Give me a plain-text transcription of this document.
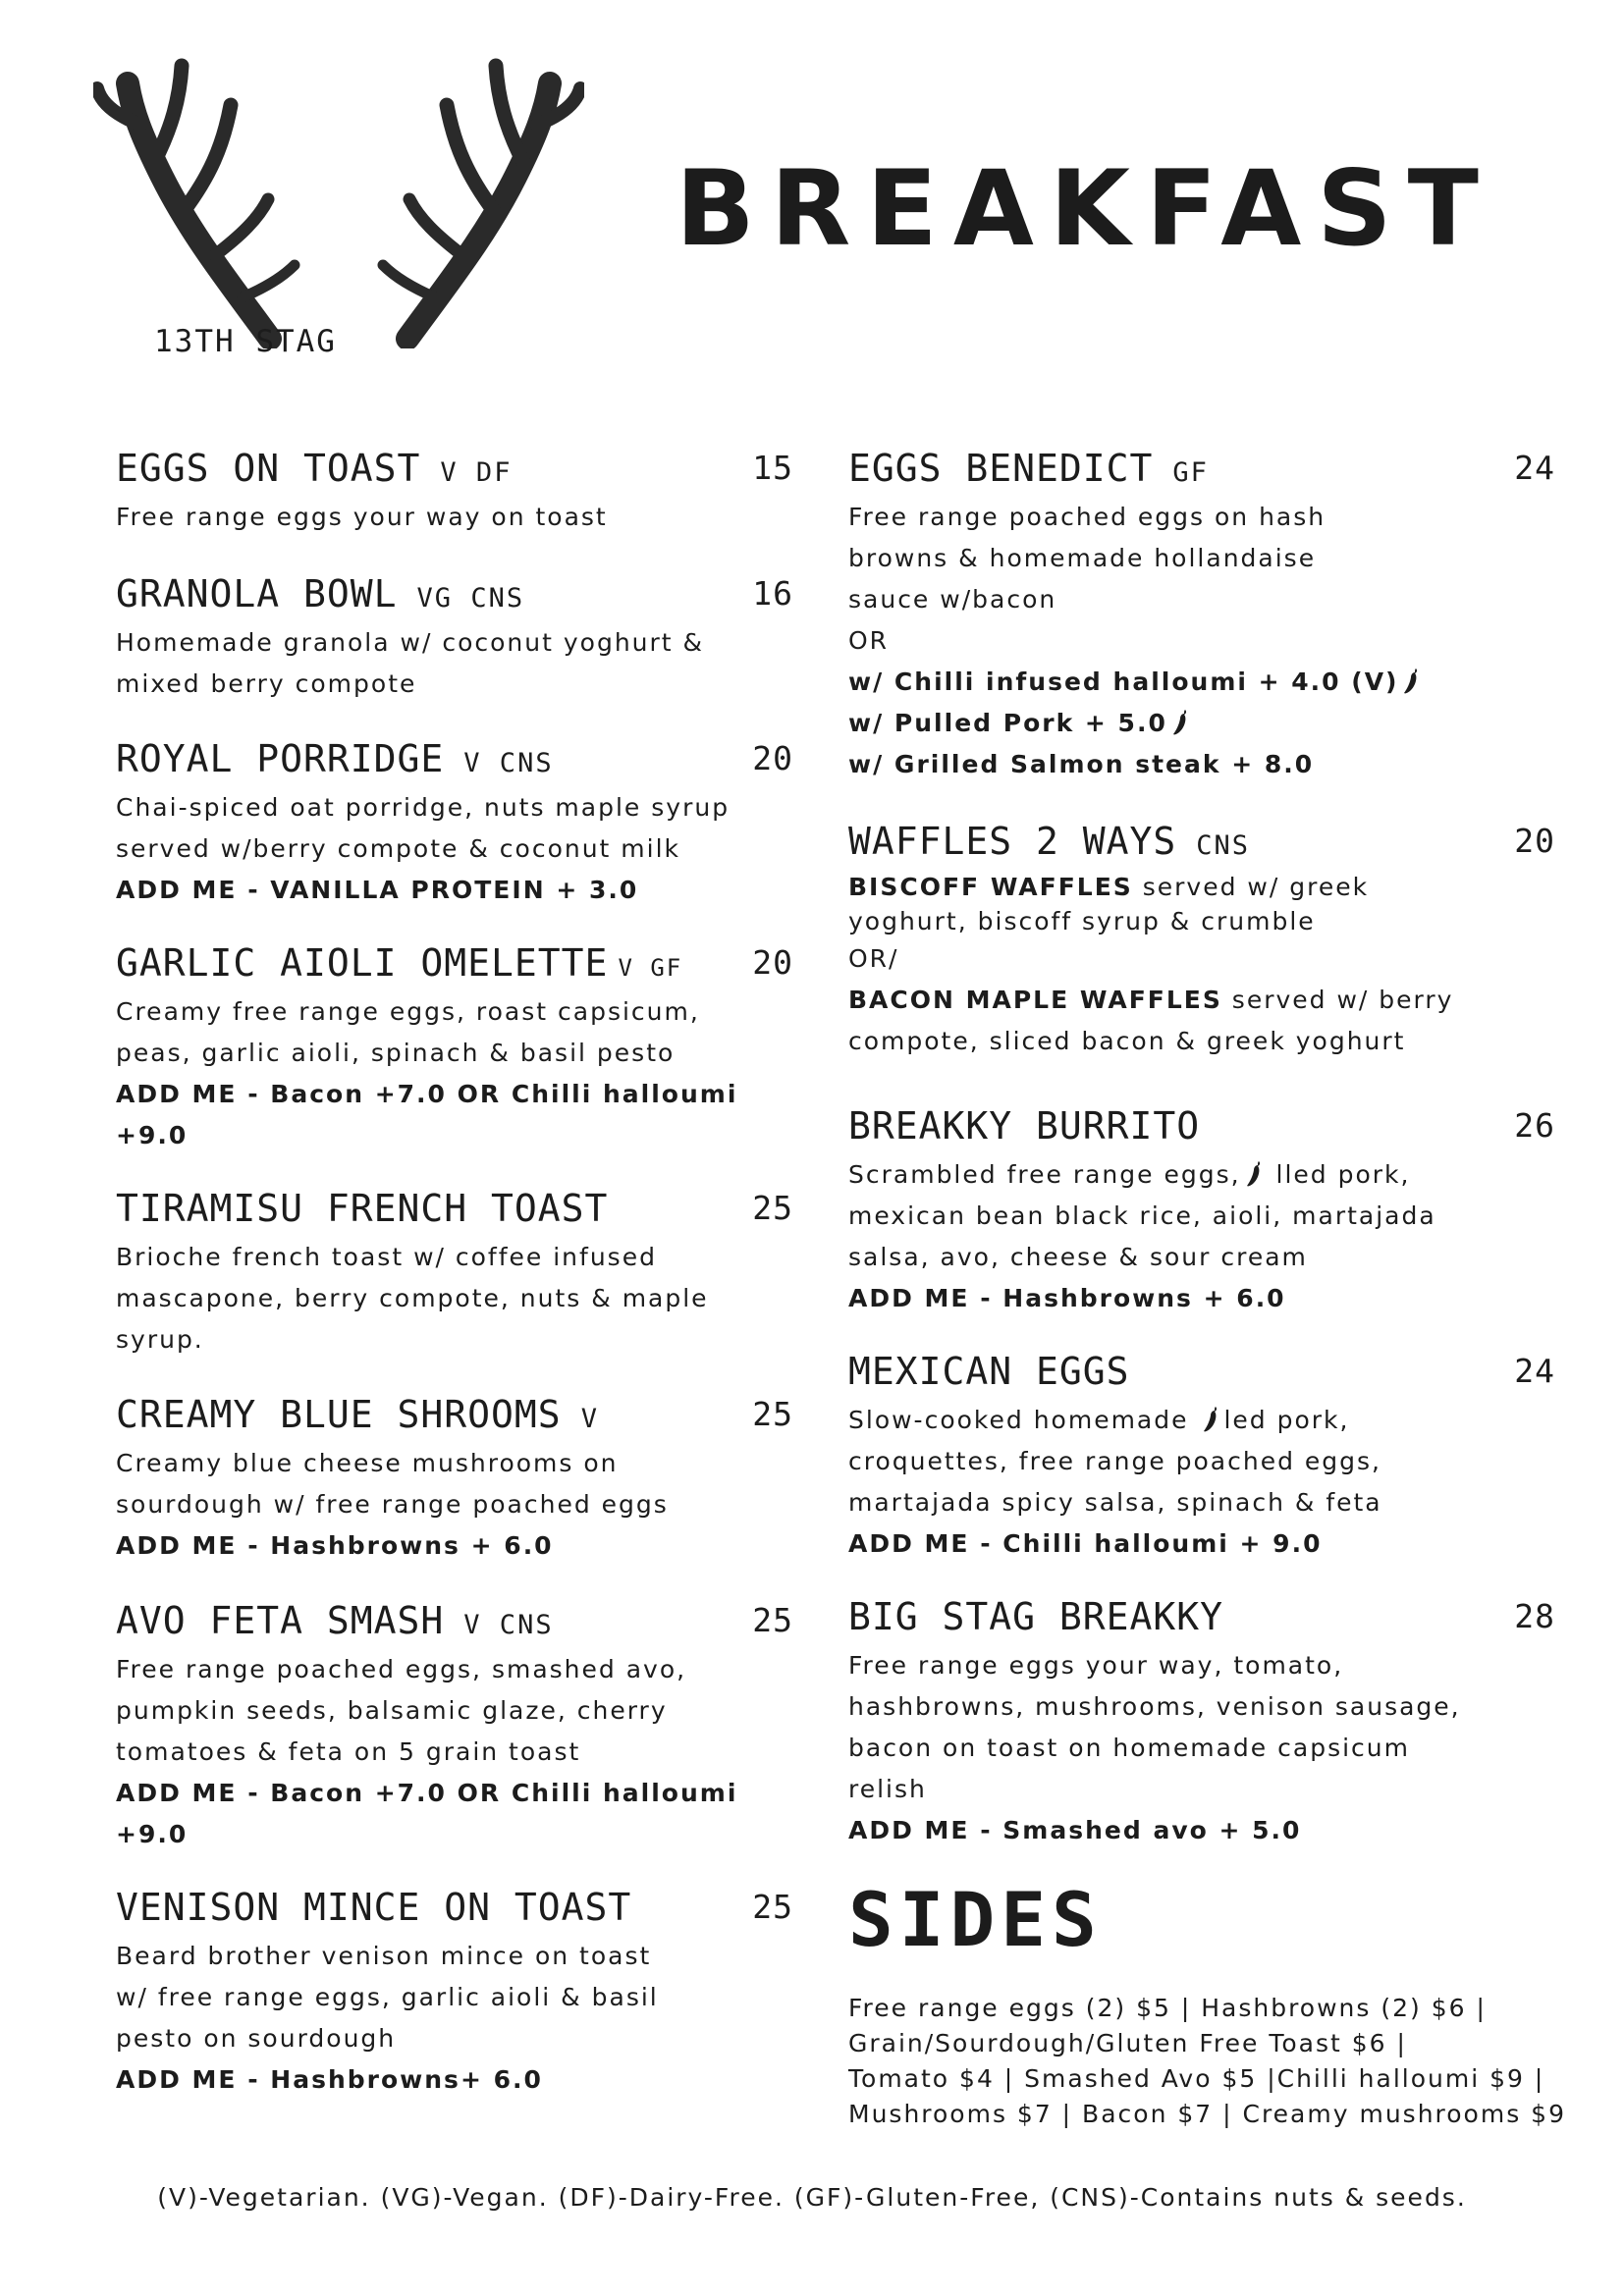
13TH STAG
BREAKFAST
EGGS ON TOAST V DF	15
Free range eggs your way on toast
GRANOLA BOWL VG CNS	16
Homemade granola w/ coconut yoghurt &
mixed berry compote
ROYAL PORRIDGE V CNS	20
Chai-spiced oat porridge, nuts maple syrup
served w/berry compote & coconut milk
ADD ME - VANILLA PROTEIN + 3.0
GARLIC AIOLI OMELETTE V GF	20
Creamy free range eggs, roast capsicum,
peas, garlic aioli, spinach & basil pesto
ADD ME - Bacon +7.0 OR Chilli halloumi
+9.0
TIRAMISU FRENCH TOAST	25
Brioche french toast w/ coffee infused
mascapone, berry compote, nuts & maple
syrup.
CREAMY BLUE SHROOMS V	25
Creamy blue cheese mushrooms on
sourdough w/ free range poached eggs
ADD ME - Hashbrowns + 6.0
AVO FETA SMASH V CNS	25
Free range poached eggs, smashed avo,
pumpkin seeds, balsamic glaze, cherry
tomatoes & feta on 5 grain toast
ADD ME - Bacon +7.0 OR Chilli halloumi
+9.0
VENISON MINCE ON TOAST	25
Beard brother venison mince on toast
w/ free range eggs, garlic aioli & basil
pesto on sourdough
ADD ME - Hashbrowns+ 6.0
EGGS BENEDICT GF	24
Free range poached eggs on hash
browns & homemade hollandaise
sauce w/bacon
OR
w/ Chilli infused halloumi + 4.0 (V)
w/ Pulled Pork + 5.0
w/ Grilled Salmon steak + 8.0
WAFFLES 2 WAYS CNS	20
BISCOFF WAFFLES served w/ greek
yoghurt, biscoff syrup & crumble
OR/
BACON MAPLE WAFFLES served w/ berry
compote, sliced bacon & greek yoghurt
BREAKKY BURRITO	26
Scrambled free range eggs, lled pork,
mexican bean black rice, aioli, martajada
salsa, avo, cheese & sour cream
ADD ME - Hashbrowns + 6.0
MEXICAN EGGS	24
Slow-cooked homemade led pork,
croquettes, free range poached eggs,
martajada spicy salsa, spinach & feta
ADD ME - Chilli halloumi + 9.0
BIG STAG BREAKKY	28
Free range eggs your way, tomato,
hashbrowns, mushrooms, venison sausage,
bacon on toast on homemade capsicum
relish
ADD ME - Smashed avo + 5.0
SIDES
Free range eggs (2) $5 | Hashbrowns (2) $6 |
Grain/Sourdough/Gluten Free Toast $6 |
Tomato $4 | Smashed Avo $5 |Chilli halloumi $9 |
Mushrooms $7 | Bacon $7 | Creamy mushrooms $9
(V)-Vegetarian. (VG)-Vegan. (DF)-Dairy-Free. (GF)-Gluten-Free, (CNS)-Contains nuts & seeds.
